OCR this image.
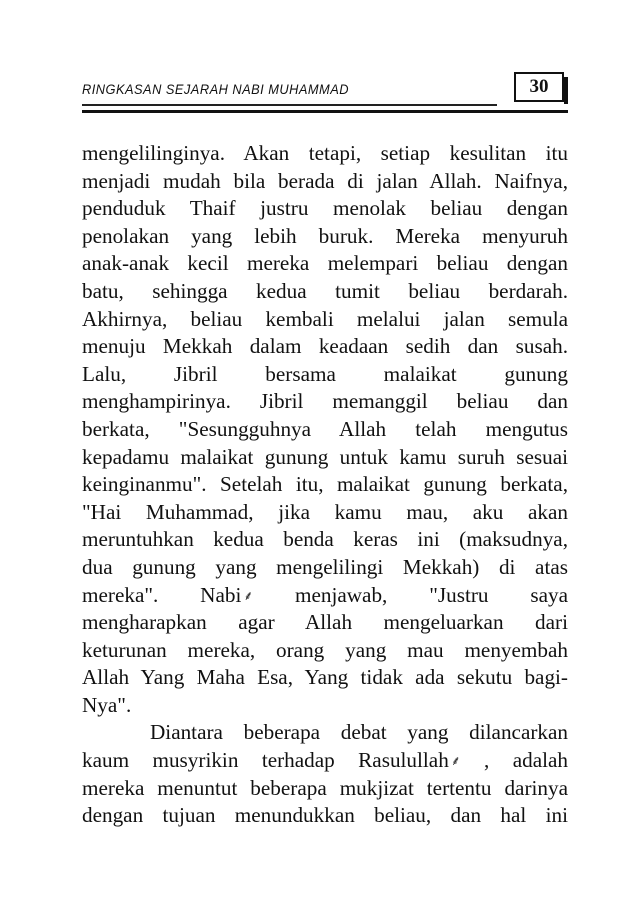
RINGKASAN SEJARAH NABI MUHAMMAD	30
mengelilinginya. Akan tetapi, setiap kesulitan itu
menjadi mudah bila berada di jalan Allah. Naifnya,
penduduk Thaif justru menolak beliau dengan
penolakan yang lebih buruk. Mereka menyuruh
anak-anak kecil mereka melempari beliau dengan
batu, sehingga kedua tumit beliau berdarah.
Akhirnya, beliau kembali melalui jalan semula
menuju Mekkah dalam keadaan sedih dan susah.
Lalu, Jibril bersama malaikat gunung
menghampirinya. Jibril memanggil beliau dan
berkata, "Sesungguhnya Allah telah mengutus
kepadamu malaikat gunung untuk kamu suruh sesuai
keinginanmu". Setelah itu, malaikat gunung berkata,
"Hai Muhammad, jika kamu mau, aku akan
meruntuhkan kedua benda keras ini (maksudnya,
dua gunung yang mengelilingi Mekkah) di atas
mereka". Nabi ⸙ menjawab, "Justru saya
mengharapkan agar Allah mengeluarkan dari
keturunan mereka, orang yang mau menyembah
Allah Yang Maha Esa, Yang tidak ada sekutu bagi-
Nya".
Diantara beberapa debat yang dilancarkan
kaum musyrikin terhadap Rasulullah ⸙ , adalah
mereka menuntut beberapa mukjizat tertentu darinya
dengan tujuan menundukkan beliau, dan hal ini
